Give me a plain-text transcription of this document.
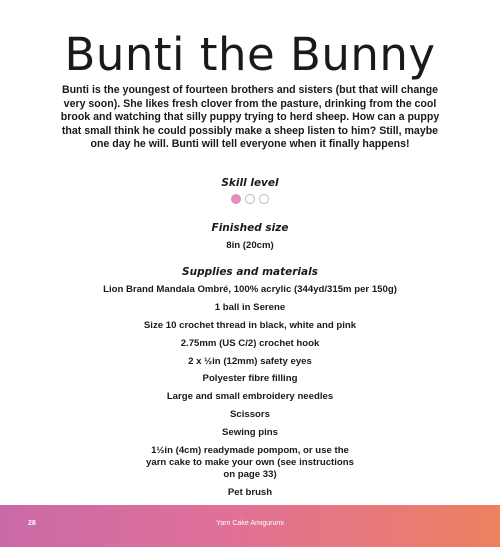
Bunti the Bunny

Bunti is the youngest of fourteen brothers and sisters (but that will change very soon). She likes fresh clover from the pasture, drinking from the cool brook and watching that silly puppy trying to herd sheep. How can a puppy that small think he could possibly make a sheep listen to him? Still, maybe one day he will. Bunti will tell everyone when it finally happens!

Skill level
Finished size

8in (20cm)

Supplies and materials
Lion Brand Mandala Ombré, 100% acrylic (344yd/315m per 150g)
1 ball in Serene
Size 10 crochet thread in black, white and pink
2.75mm (US C/2) crochet hook
2 x ½in (12mm) safety eyes
Polyester fibre filling
Large and small embroidery needles
Scissors
Sewing pins
1½in (4cm) readymade pompom, or use the yarn cake to make your own (see instructions on page 33)
Pet brush
28	Yarn Cake Amigurumi
